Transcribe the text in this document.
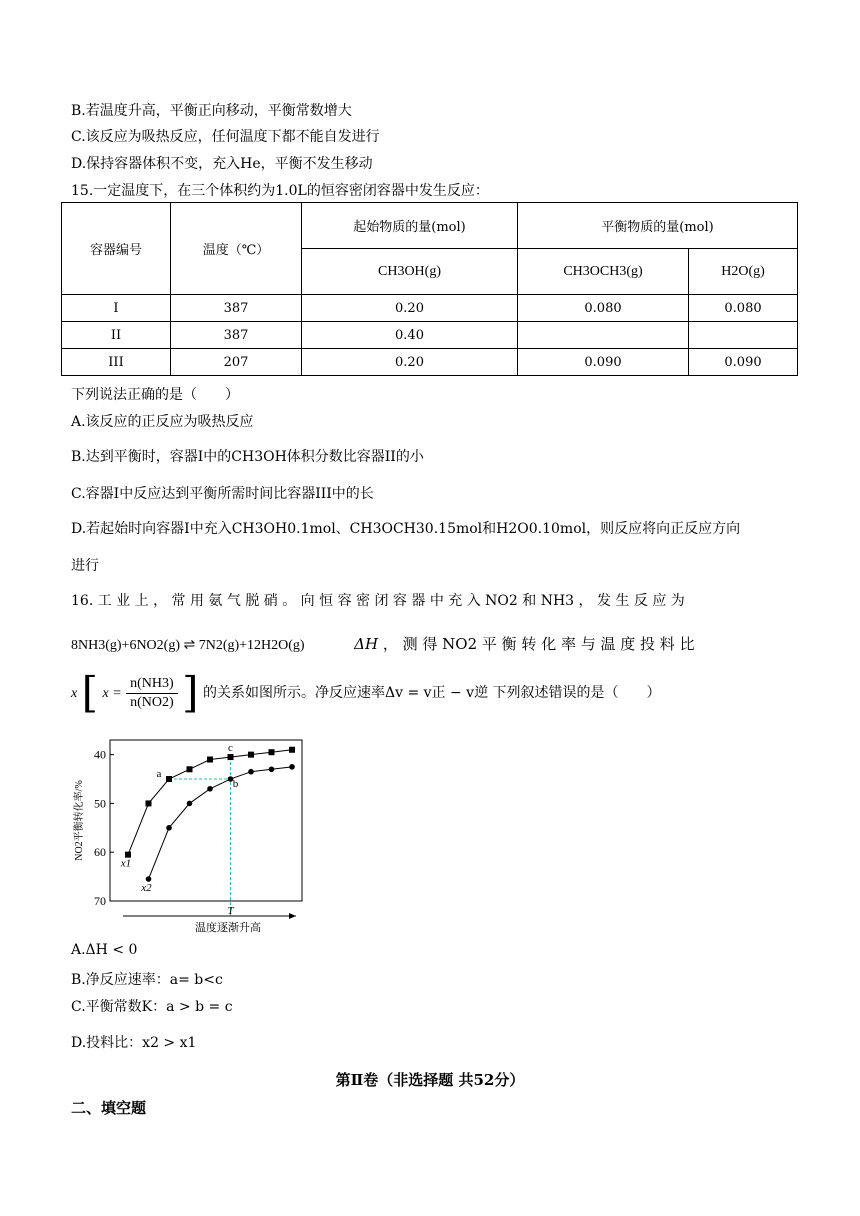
B.若温度升高，平衡正向移动，平衡常数增大
C.该反应为吸热反应，任何温度下都不能自发进行
D.保持容器体积不变，充入He，平衡不发生移动
15.一定温度下，在三个体积约为1.0L的恒容密闭容器中发生反应：
容器编号	温度（℃）	起始物质的量(mol)	平衡物质的量(mol)	
		CH3OH(g)	CH3OCH3(g)	H2O(g)
I	387	0.20	0.080	0.080
II	387	0.40		
III	207	0.20	0.090	0.090
下列说法正确的是（　　）
A.该反应的正反应为吸热反应
B.达到平衡时，容器I中的CH3OH体积分数比容器II的小
C.容器I中反应达到平衡所需时间比容器III中的长
D.若起始时向容器I中充入CH3OH0.1mol、CH3OCH30.15mol和H2O0.10mol，则反应将向正反应方向
进行
16. 工 业 上 ， 常 用 氨 气 脱 硝 。 向 恒 容 密 闭 容 器 中 充 入 NO2 和 NH3 ， 发 生 反 应 为
8NH3(g)+6NO2(g) ⇌ 7N2(g)+12H2O(g)	ΔH ， 测 得 NO2 平 衡 转 化 率 与 温 度 投 料 比
x [ $x = \frac{n(NH3)}{n(NO2)}$ ] 的关系如图所示。净反应速率Δv = v正 − v逆 下列叙述错误的是（　　）
40
50
60
70
NO2平衡转化率/%
温度逐渐升高
T
x1
x2
a
b
c
A.ΔH < 0
B.净反应速率：a= b<c
C.平衡常数K：a > b = c
D.投料比：x2 > x1
第Ⅱ卷（非选择题 共52分）
二、填空题
